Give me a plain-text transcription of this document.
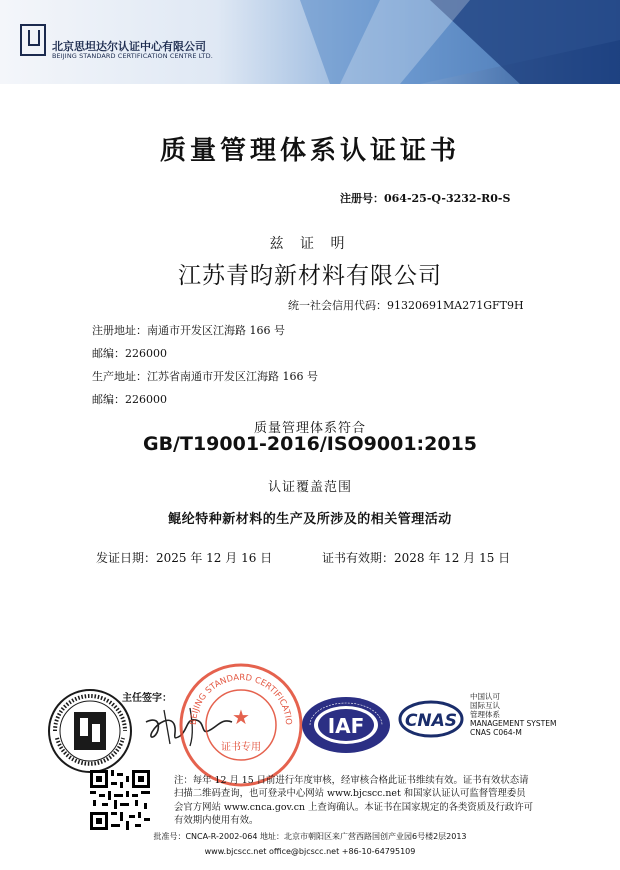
北京思坦达尔认证中心有限公司
BEIJING STANDARD CERTIFICATION CENTRE LTD.
质量管理体系认证证书
注册号：064-25-Q-3232-R0-S
兹 证 明
江苏青昀新材料有限公司
统一社会信用代码：91320691MA271GFT9H
注册地址：南通市开发区江海路 166 号
邮编：226000
生产地址：江苏省南通市开发区江海路 166 号
邮编：226000
质量管理体系符合
GB/T19001-2016/ISO9001:2015
认证覆盖范围
鲲纶特种新材料的生产及所涉及的相关管理活动
发证日期：2025 年 12 月 16 日	证书有效期：2028 年 12 月 15 日
主任签字：
BEIJING STANDARD CERTIFICATIO
★
证书专用
IAF CNAS
中国认可
国际互认
管理体系
MANAGEMENT SYSTEM
CNAS C064-M
注：每年 12 月 15 日前进行年度审核，经审核合格此证书维续有效。证书有效状态请扫描二维码查询，也可登录中心网站 www.bjcscc.net 和国家认证认可监督管理委员会官方网站 www.cnca.gov.cn 上查询确认。本证书在国家规定的各类资质及行政许可有效期内使用有效。
批准号：CNCA-R-2002-064 地址：北京市朝阳区来广营西路国创产业园6号楼2层2013
www.bjcscc.net office@bjcscc.net +86-10-64795109
